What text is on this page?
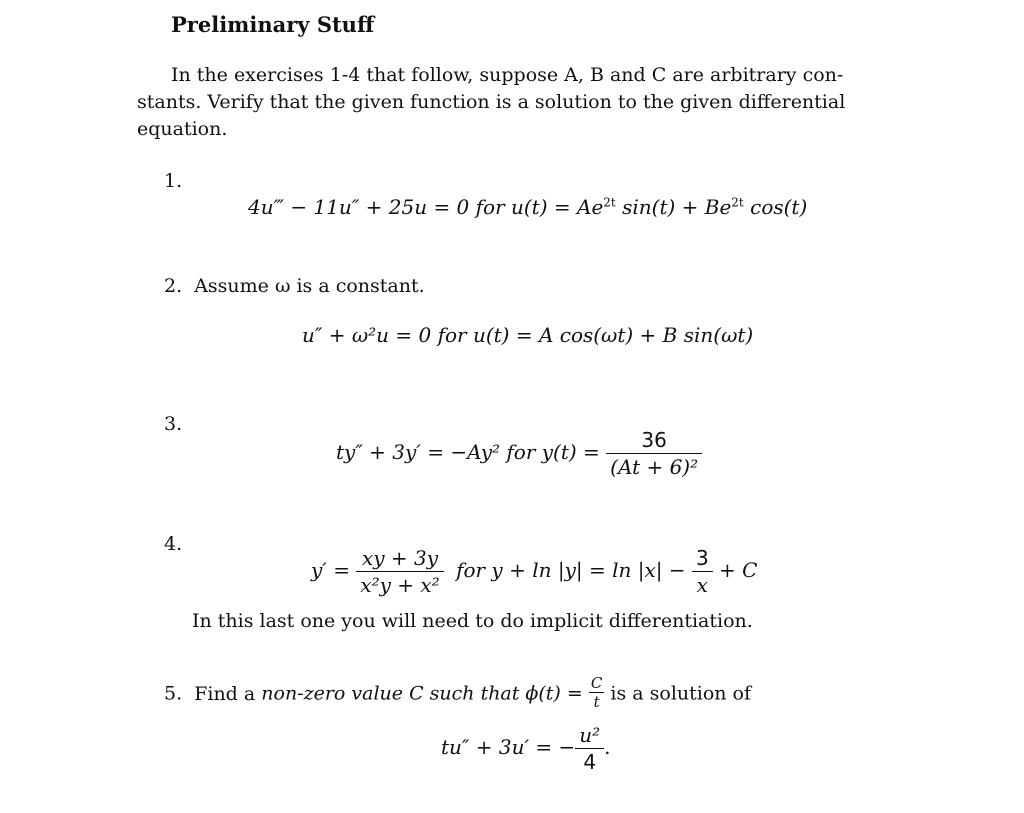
Preliminary Stuff
In the exercises 1-4 that follow, suppose A, B and C are arbitrary con-
stants. Verify that the given function is a solution to the given differential
equation.
1.
4u‴ − 11u″ + 25u = 0 for $u(t) = Ae^{2t}$ $\sin(t) + Be^{2t}$ cos(t)
2. Assume ω is a constant.
u″ + ω²u = 0 for u(t) = A cos(ωt) + B sin(ωt)
3.
ty″ + 3y′ = −Ay² for $y(t) = \frac{36}{\text{(At + 6)²}}$
4.
$y' = \frac{xy + 3y}{\text{x²y + x²}}$ for $y + \ln |y| = \ln |x| - \frac{3}{x} + C$
In this last one you will need to do implicit differentiation.
5. Find a non-zero value C such that $\phi(t) = \frac{C}{t}$ is a solution of
tu″ + 3u′ = − $\frac{\text{u²}}{4}$ .
